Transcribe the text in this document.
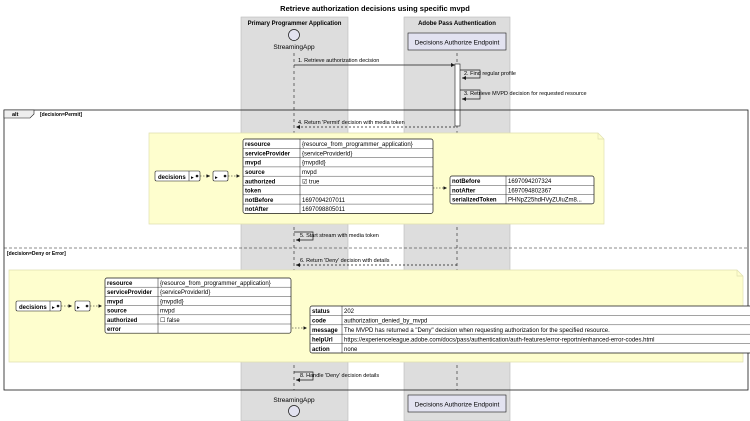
Retrieve authorization decisions using specific mvpd
Primary Programmer Application	Adobe Pass Authentication
StreamingApp
Decisions Authorize Endpoint
StreamingApp
Decisions Authorize Endpoint
alt	[decision=Permit]
[decision=Deny or Error]
1. Retrieve authorization decision
2. Find regular profile
3. Retrieve MVPD decision for requested resource
4. Return 'Permit' decision with media token
5. Start stream with media token
6. Return 'Deny' decision with details
8. Handle 'Deny' decision details
decisions ▸	▸
resource	{resource_from_programmer_application}
serviceProvider {serviceProviderId}
mvpd	{mvpdId}
source	mvpd
authorized	☑ true
token
notBefore	1697094207011
notAfter	1697098805011
notBefore	1697094207324
notAfter	1697094802367
serializedToken PHNpZ25hdHVyZUluZm8...
decisions ▸	▸
resource	{resource_from_programmer_application}
serviceProvider {serviceProviderId}
mvpd	{mvpdId}
source	mvpd
authorized	☐ false
error
status 202
code	authorization_denied_by_mvpd
message The MVPD has returned a "Deny" decision when requesting authorization for the specified resource.
helpUrl https://experienceleague.adobe.com/docs/pass/authentication/auth-features/error-reportn/enhanced-error-codes.html
action none
